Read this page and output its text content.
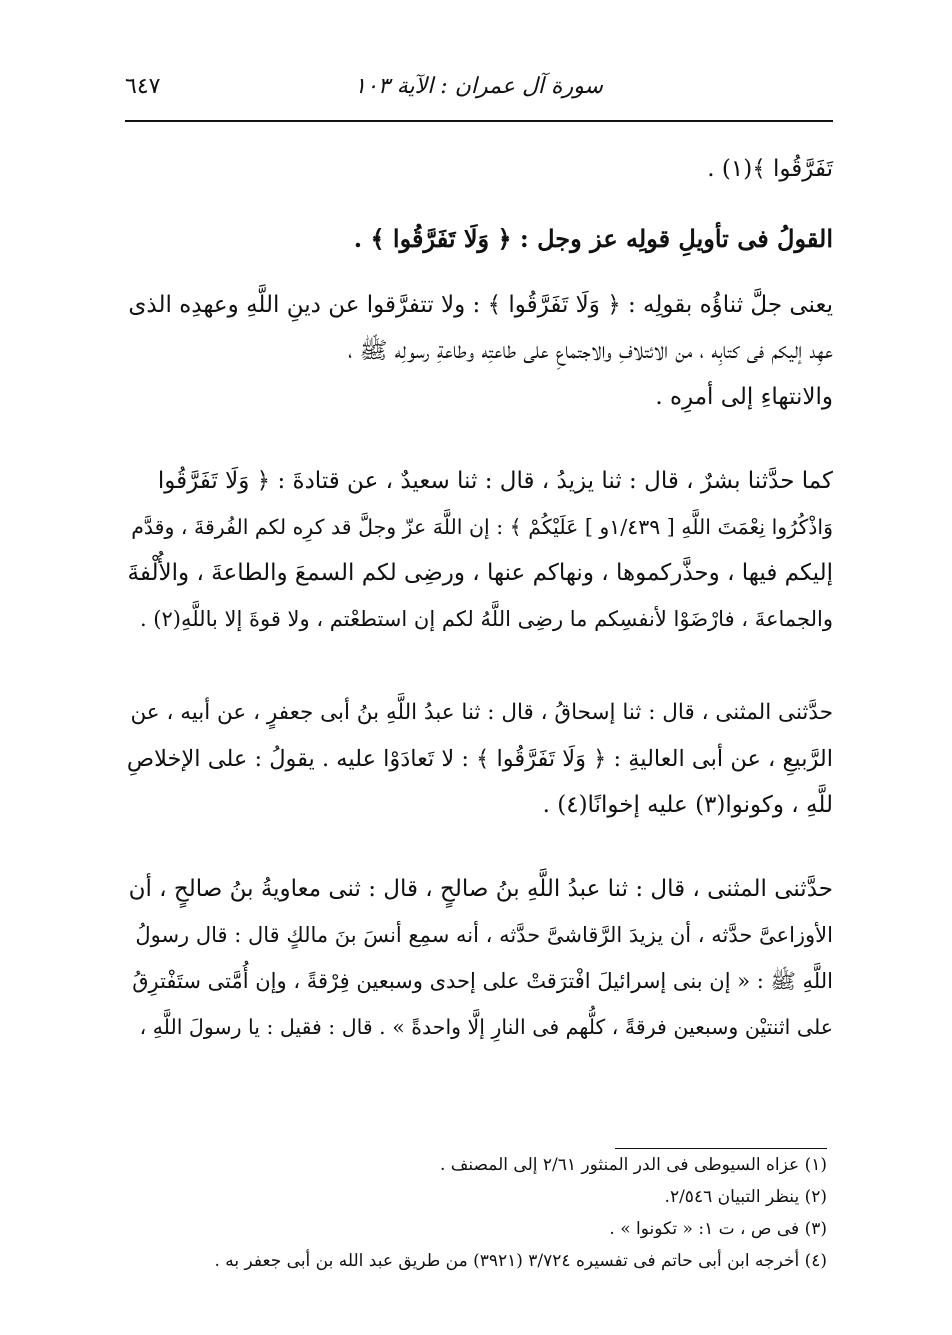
سورة آل عمران : الآية ١٠٣
٦٤٧
تَفَرَّقُوا ﴾(١) .
القولُ فى تأويلِ قولِه عز وجل : ﴿ وَلَا تَفَرَّقُوا ﴾ .
يعنى جلَّ ثناؤُه بقولِه : ﴿ وَلَا تَفَرَّقُوا ﴾ : ولا تتفرَّقوا عن دينِ اللَّهِ وعهدِه الذى
عهِد إليكم فى كتابِه ، من الائتلافِ والاجتماعِ على طاعتِه وطاعةِ رسولِه ﷺ ،
والانتهاءِ إلى أمرِه .
كما حدَّثنا بشرٌ ، قال : ثنا يزيدُ ، قال : ثنا سعيدٌ ، عن قتادةَ : ﴿ وَلَا تَفَرَّقُوا
وَاذْكُرُوا نِعْمَتَ اللَّهِ [ ١/٤٣٩و ] عَلَيْكُمْ ﴾ : إن اللَّهَ عزّ وجلَّ قد كرِه لكم الفُرقةَ ، وقدَّم
إليكم فيها ، وحذَّركموها ، ونهاكم عنها ، ورضِى لكم السمعَ والطاعةَ ، والأُلْفةَ
والجماعةَ ، فارْضَوْا لأنفسِكم ما رضِى اللَّهُ لكم إن استطعْتم ، ولا قوةَ إلا باللَّهِ(٢) .
حدَّثنى المثنى ، قال : ثنا إسحاقُ ، قال : ثنا عبدُ اللَّهِ بنُ أبى جعفرٍ ، عن أبيه ، عن
الرَّبيعِ ، عن أبى العاليةِ : ﴿ وَلَا تَفَرَّقُوا ﴾ : لا تَعادَوْا عليه . يقولُ : على الإخلاصِ
للَّهِ ، وكونوا(٣) عليه إخوانًا(٤) .
حدَّثنى المثنى ، قال : ثنا عبدُ اللَّهِ بنُ صالحٍ ، قال : ثنى معاويةُ بنُ صالحٍ ، أن
الأوزاعىَّ حدَّثه ، أن يزيدَ الرَّقاشىَّ حدَّثه ، أنه سمِع أنسَ بنَ مالكٍ قال : قال رسولُ
اللَّهِ ﷺ : « إن بنى إسرائيلَ افْترَقتْ على إحدى وسبعين فِرْقةً ، وإن أُمَّتى ستَفْترِقُ
على اثنتيْن وسبعين فرقةً ، كلُّهم فى النارِ إلَّا واحدةً » . قال : فقيل : يا رسولَ اللَّهِ ،
(١) عزاه السيوطى فى الدر المنثور ٢/٦١ إلى المصنف .
(٢) ينظر التبيان ٢/٥٤٦.
(٣) فى ص ، ت ١: « تكونوا » .
(٤) أخرجه ابن أبى حاتم فى تفسيره ٣/٧٢٤ (٣٩٢١) من طريق عبد الله بن أبى جعفر به .
